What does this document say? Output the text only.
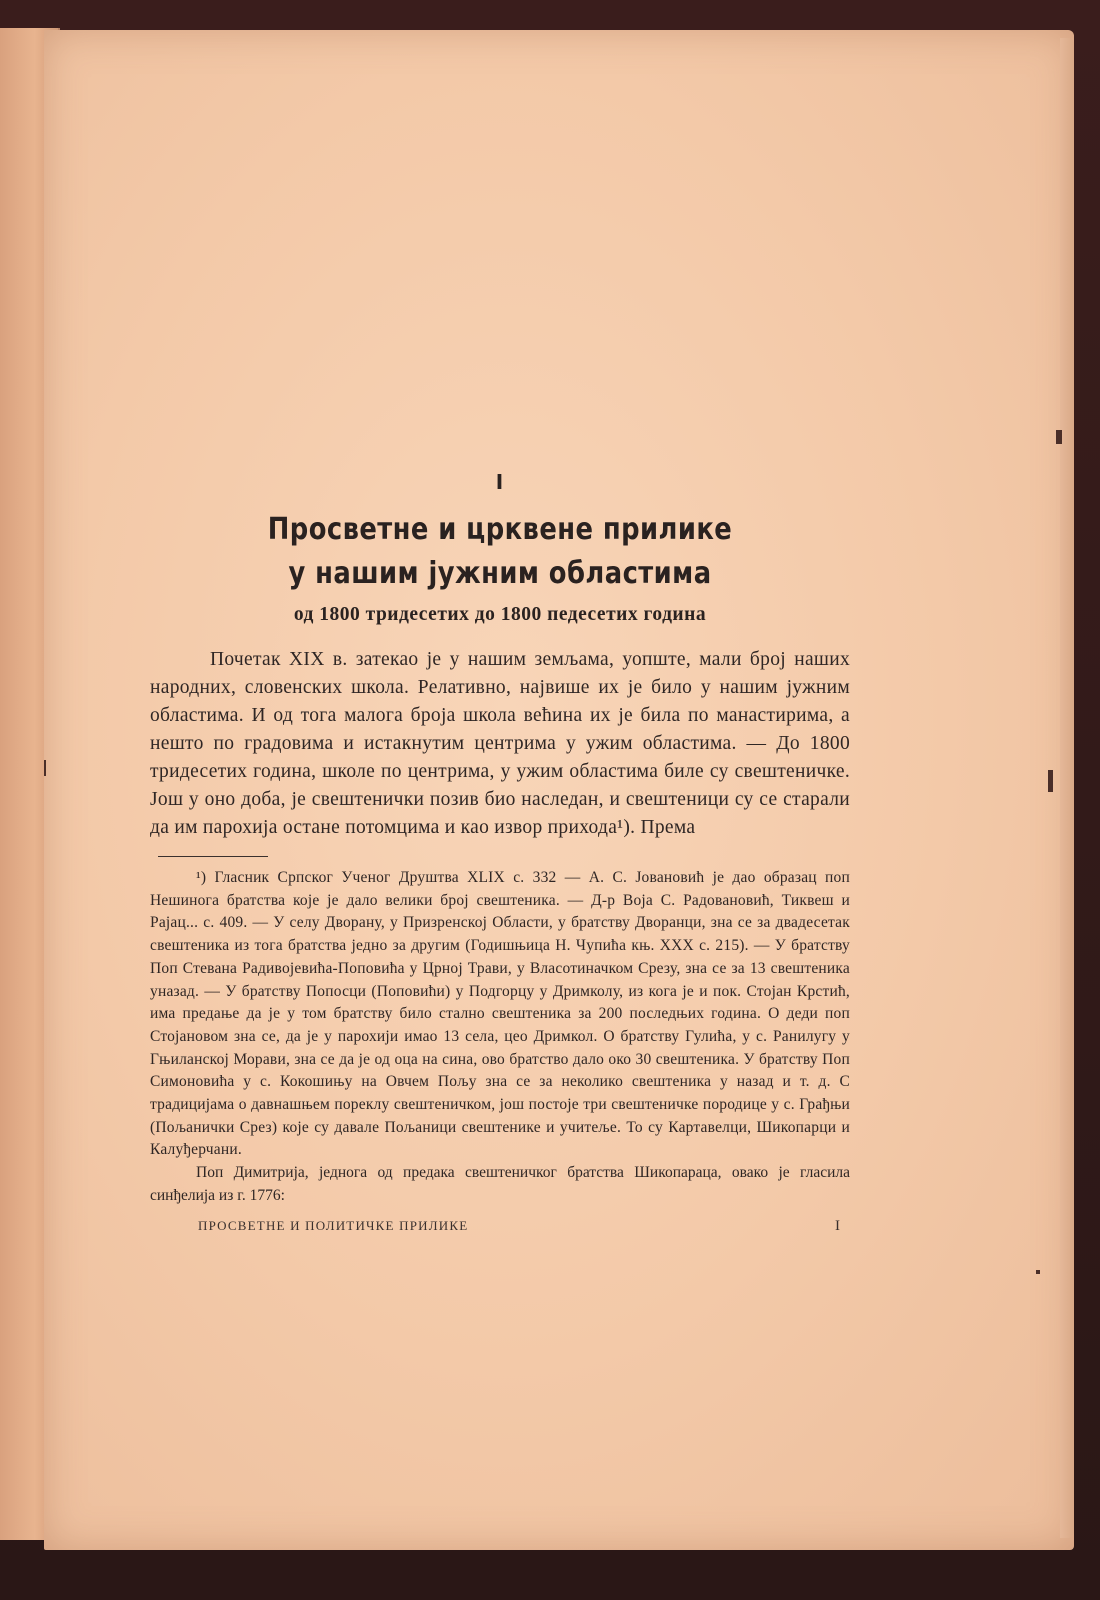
I
Просветне и црквене прилике
у нашим јужним областима
од 1800 тридесетих до 1800 педесетих година

Почетак XIX в. затекао је у нашим земљама, уопште, мали број наших народних, словенских школа. Релативно, највише их је било у нашим јужним областима. И од тога малога броја школа већина их је била по манастирима, а нешто по градовима и истакнутим центрима у ужим областима. — До 1800 тридесетих година, школе по центрима, у ужим областима биле су свештеничке. Још у оно доба, је свештенички позив био наследан, и свештеници су се старали да им парохија остане потомцима и као извор прихода¹). Према

¹) Гласник Српског Ученог Друштва XLIX с. 332 — А. С. Јовановић је дао образац поп Нешинога братства које је дало велики број свештеника. — Д-р Воја С. Радовановић, Тиквеш и Рајац... с. 409. — У селу Дворану, у Призренској Области, у братству Дворанци, зна се за двадесетак свештеника из тога братства једно за другим (Годишњица Н. Чупића књ. XXX с. 215). — У братству Поп Стевана Радивојевића-Поповића у Црној Трави, у Власотиначком Срезу, зна се за 13 свештеника уназад. — У братству Попосци (Поповићи) у Подгорцу у Дримколу, из кога је и пок. Стојан Крстић, има предање да је у том братству било стално свештеника за 200 последњих година. О деди поп Стојановом зна се, да је у парохији имао 13 села, цео Дримкол. О братству Гулића, у с. Ранилугу у Гњиланској Морави, зна се да је од оца на сина, ово братство дало око 30 свештеника. У братству Поп Симоновића у с. Кокошињу на Овчем Пољу зна се за неколико свештеника у назад и т. д. С традицијама о давнашњем пореклу свештеничком, још постоје три свештеничке породице у с. Грађњи (Пољанички Срез) које су давале Пољаници свештенике и учитеље. То су Картавелци, Шикопарци и Калуђерчани.

Поп Димитрија, једнога од предака свештеничког братства Шикопараца, овако је гласила синђелија из г. 1776:

ПРОСВЕТНЕ И ПОЛИТИЧКЕ ПРИЛИКЕ	I
